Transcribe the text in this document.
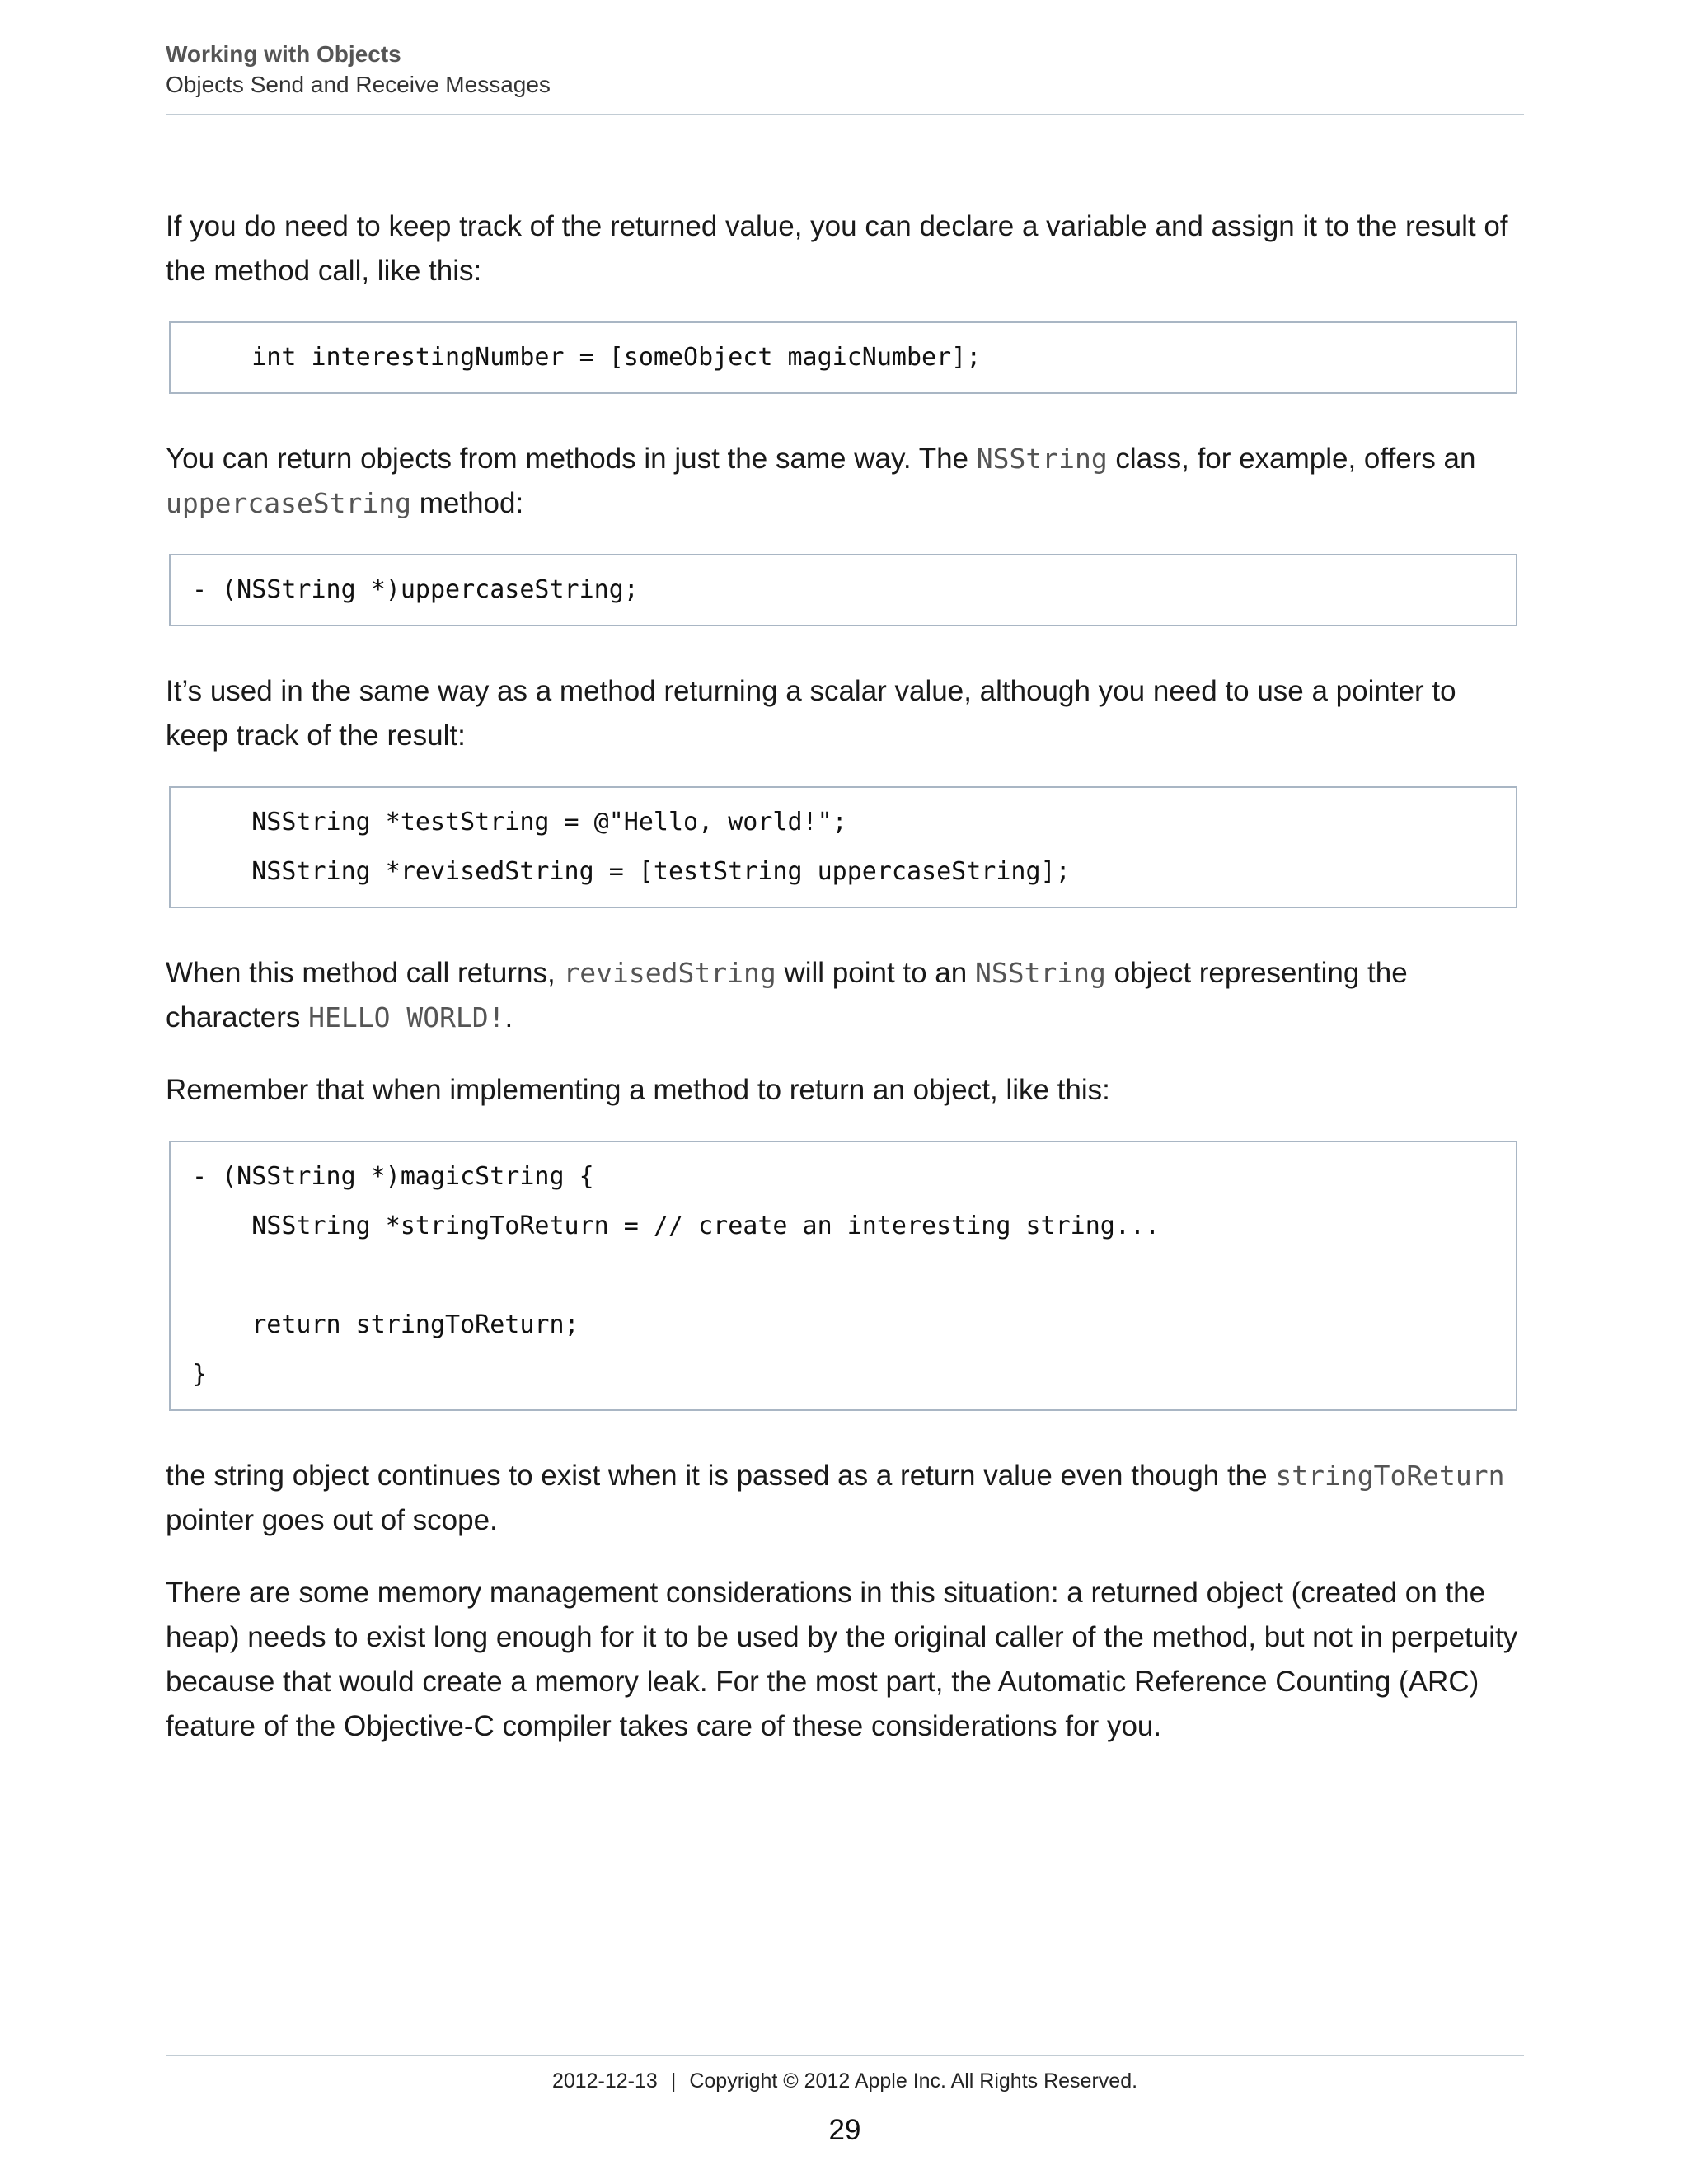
Working with Objects
Objects Send and Receive Messages

If you do need to keep track of the returned value, you can declare a variable and assign it to the result of the method call, like this:

int interestingNumber = [someObject magicNumber];

You can return objects from methods in just the same way. The NSString class, for example, offers an
uppercaseString method:

- (NSString *)uppercaseString;

It’s used in the same way as a method returning a scalar value, although you need to use a pointer to keep track of the result:

NSString *testString = @"Hello, world!";
NSString *revisedString = [testString uppercaseString];

When this method call returns, revisedString will point to an NSString object representing the characters HELLO WORLD!.

Remember that when implementing a method to return an object, like this:

- (NSString *)magicString {
NSString *stringToReturn = // create an interesting string...
return stringToReturn;
}

the string object continues to exist when it is passed as a return value even though the stringToReturn pointer goes out of scope.

There are some memory management considerations in this situation: a returned object (created on the heap) needs to exist long enough for it to be used by the original caller of the method, but not in perpetuity because that would create a memory leak. For the most part, the Automatic Reference Counting (ARC) feature of the Objective-C compiler takes care of these considerations for you.

2012-12-13 | Copyright © 2012 Apple Inc. All Rights Reserved.
29
